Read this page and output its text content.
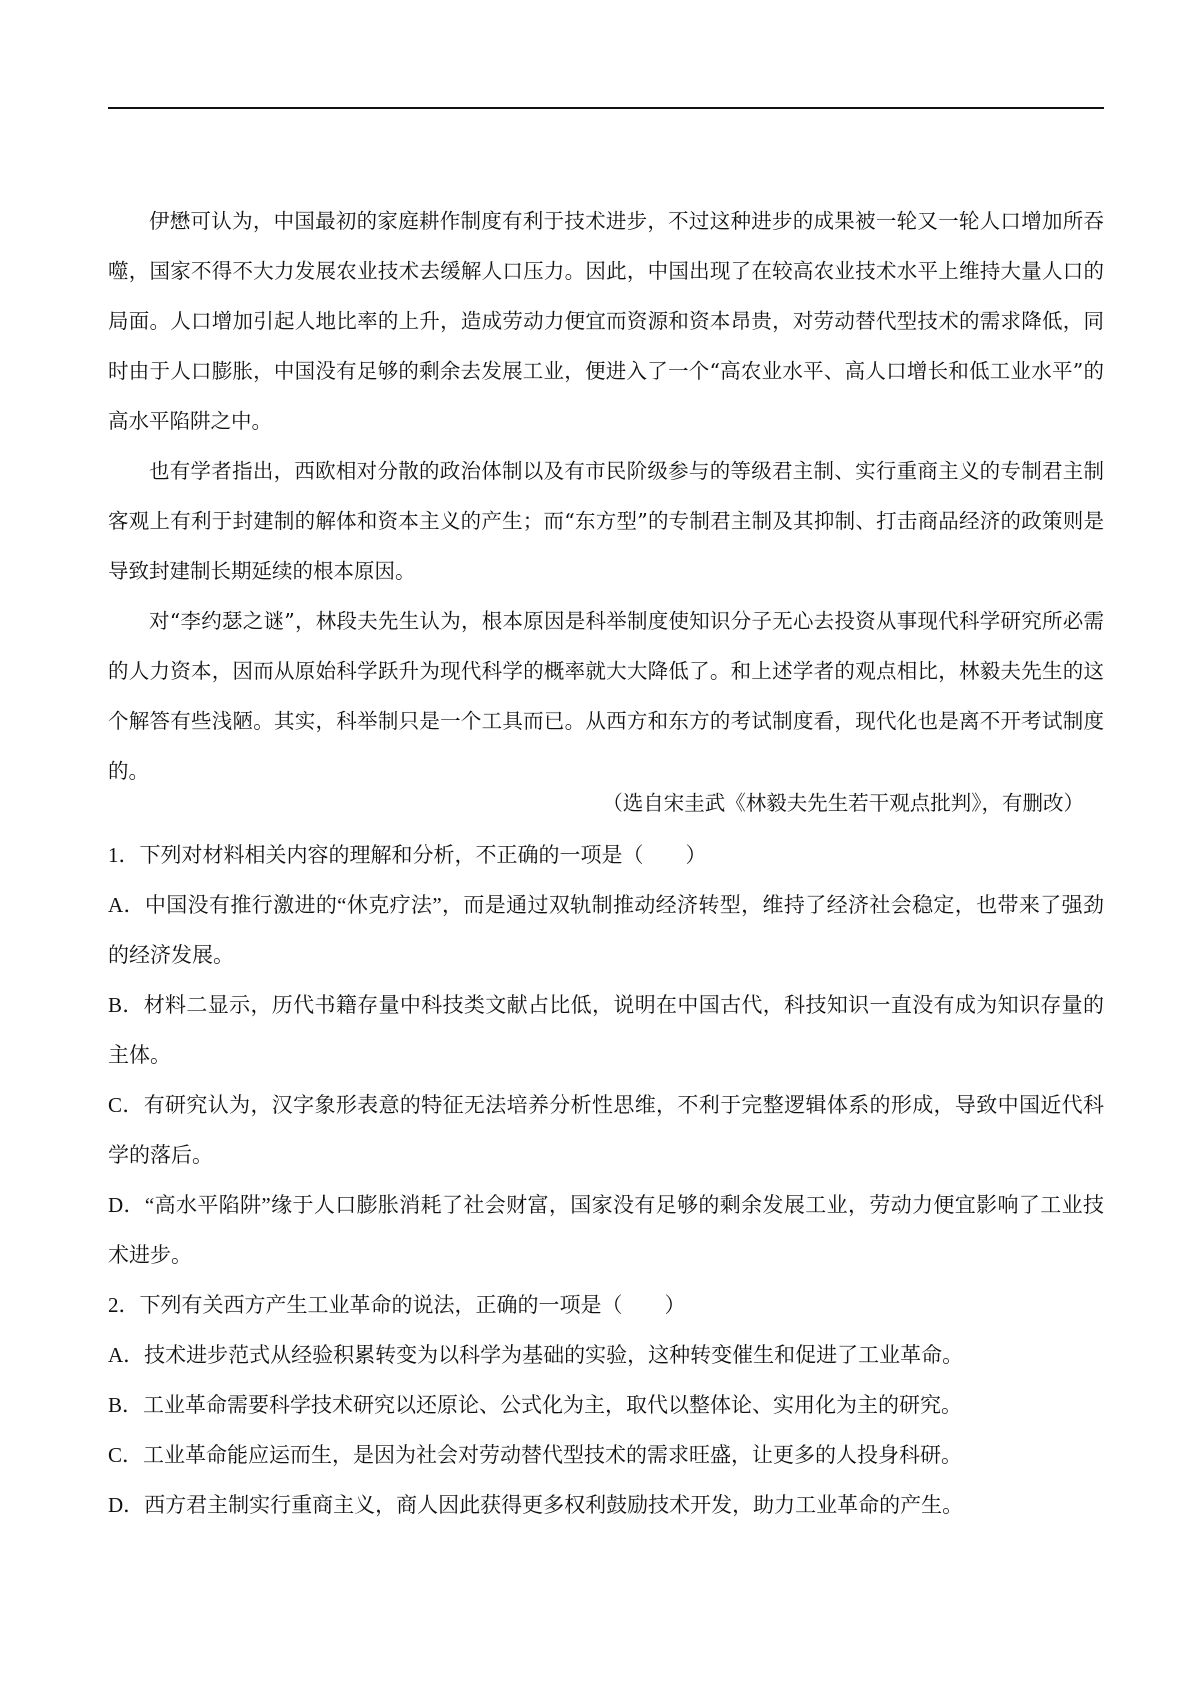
伊懋可认为，中国最初的家庭耕作制度有利于技术进步，不过这种进步的成果被一轮又一轮人口增加所吞噬，国家不得不大力发展农业技术去缓解人口压力。因此，中国出现了在较高农业技术水平上维持大量人口的局面。人口增加引起人地比率的上升，造成劳动力便宜而资源和资本昂贵，对劳动替代型技术的需求降低，同时由于人口膨胀，中国没有足够的剩余去发展工业，便进入了一个“高农业水平、高人口增长和低工业水平”的高水平陷阱之中。

也有学者指出，西欧相对分散的政治体制以及有市民阶级参与的等级君主制、实行重商主义的专制君主制客观上有利于封建制的解体和资本主义的产生；而“东方型”的专制君主制及其抑制、打击商品经济的政策则是导致封建制长期延续的根本原因。

对“李约瑟之谜”，林段夫先生认为，根本原因是科举制度使知识分子无心去投资从事现代科学研究所必需的人力资本，因而从原始科学跃升为现代科学的概率就大大降低了。和上述学者的观点相比，林毅夫先生的这个解答有些浅陋。其实，科举制只是一个工具而已。从西方和东方的考试制度看，现代化也是离不开考试制度的。

（选自宋圭武《林毅夫先生若干观点批判》，有删改）

1．下列对材料相关内容的理解和分析，不正确的一项是（　　）

A．中国没有推行激进的“休克疗法”，而是通过双轨制推动经济转型，维持了经济社会稳定，也带来了强劲的经济发展。

B．材料二显示，历代书籍存量中科技类文献占比低，说明在中国古代，科技知识一直没有成为知识存量的主体。

C．有研究认为，汉字象形表意的特征无法培养分析性思维，不利于完整逻辑体系的形成，导致中国近代科学的落后。

D．“高水平陷阱”缘于人口膨胀消耗了社会财富，国家没有足够的剩余发展工业，劳动力便宜影响了工业技术进步。

2．下列有关西方产生工业革命的说法，正确的一项是（　　）

A．技术进步范式从经验积累转变为以科学为基础的实验，这种转变催生和促进了工业革命。

B．工业革命需要科学技术研究以还原论、公式化为主，取代以整体论、实用化为主的研究。

C．工业革命能应运而生，是因为社会对劳动替代型技术的需求旺盛，让更多的人投身科研。

D．西方君主制实行重商主义，商人因此获得更多权利鼓励技术开发，助力工业革命的产生。
